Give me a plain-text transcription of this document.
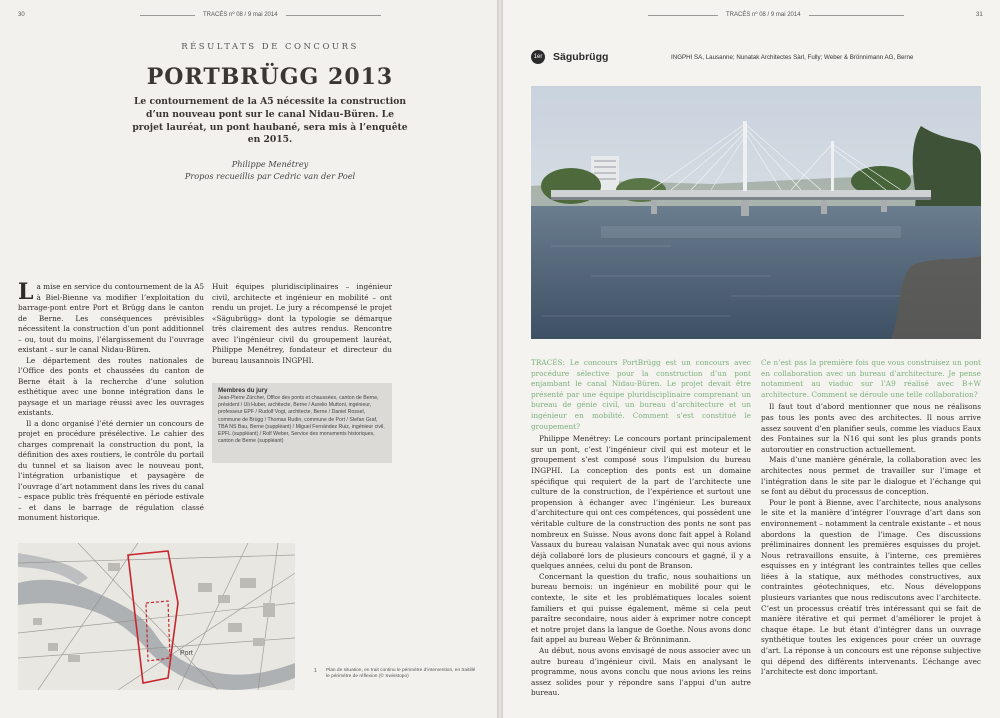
30	TRACÉS nº 08 / 9 mai 2014
RÉSULTATS DE CONCOURS
PORTBRÜGG 2013
Le contournement de la A5 nécessite la construction d’un nouveau pont sur le canal Nidau-Büren. Le projet lauréat, un pont haubané, sera mis à l’enquête en 2015.
Philippe Menétrey
Propos recueillis par Cedric van der Poel

La mise en service du contournement de la A5 à Biel-Bienne va modifier l’exploitation du barrage-pont entre Port et Brügg dans le canton de Berne. Les conséquences prévisibles nécessitent la construction d’un pont additionnel – ou, tout du moins, l’élargissement du l’ouvrage existant – sur le canal Nidau-Büren.

Le département des routes nationales de l’Office des ponts et chaussées du canton de Berne était à la recherche d’une solution esthétique avec une bonne intégration dans le paysage et un mariage réussi avec les ouvrages existants.

Il a donc organisé l’été dernier un concours de projet en procédure présélective. Le cahier des charges comprenait la construction du pont, la définition des axes routiers, le contrôle du portail du tunnel et sa liaison avec le nouveau pont, l’intégration urbanistique et paysagère de l’ouvrage d’art notamment dans les rives du canal – espace public très fréquenté en période estivale – et dans le barrage de régulation classé monument historique.

Huit équipes pluridisciplinaires – ingénieur civil, architecte et ingénieur en mobilité – ont rendu un projet. Le jury a récompensé le projet «Sägubrügg» dont la typologie se démarque très clairement des autres rendus. Rencontre avec l’ingénieur civil du groupement lauréat, Philippe Menétrey, fondateur et directeur du bureau lausannois INGPHI.

Membres du jury
Jean-Pierre Zürcher, Office des ponts et chaussées, canton de Berne, président / Uli Huber, architecte, Berne / Aurelio Muttoni, ingénieur, professeur EPF / Rudolf Vogt, architecte, Berne / Daniel Rossel, commune de Brügg / Thomas Rudin, commune de Port / Stefan Graf, TBA NS Bau, Berne (suppléant) / Miguel Fernández Ruiz, ingénieur civil, EPFL (suppléant) / Rolf Weber, Service des monuments historiques, canton de Berne (suppléant)
Port
1 Plan de situation, en trait continu le périmètre d’intervention, en traitillé le périmètre de réflexion (© Swisstopo)
TRACÉS nº 08 / 9 mai 2014	31
1er Sägubrügg	INGPHI SA, Lausanne; Nunatak Architectes Sàrl, Fully; Weber & Brönnimann AG, Berne

TRACÉS: Le concours PortBrügg est un concours avec procédure sélective pour la construction d’un pont enjambant le canal Nidau-Büren. Le projet devait être présenté par une équipe pluridisciplinaire comprenant un bureau de génie civil, un bureau d’architecture et un ingénieur en mobilité. Comment s’est constitué le groupement?

Philippe Menétrey: Le concours portant principalement sur un pont, c’est l’ingénieur civil qui est moteur et le groupement s’est composé sous l’impulsion du bureau INGPHI. La conception des ponts est un domaine spécifique qui requiert de la part de l’architecte une culture de la construction, de l’expérience et surtout une propension à échanger avec l’ingénieur. Les bureaux d’architecture qui ont ces compétences, qui possèdent une véritable culture de la construction des ponts ne sont pas nombreux en Suisse. Nous avons donc fait appel à Roland Vassaux du bureau valaisan Nunatak avec qui nous avions déjà collaboré lors de plusieurs concours et gagné, il y a quelques années, celui du pont de Branson.

Concernant la question du trafic, nous souhaitions un bureau bernois: un ingénieur en mobilité pour qui le contexte, le site et les problématiques locales soient familiers et qui puisse également, même si cela peut paraître secondaire, nous aider à exprimer notre concept et notre projet dans la langue de Goethe. Nous avons donc fait appel au bureau Weber & Brönnimann.

Au début, nous avons envisagé de nous associer avec un autre bureau d’ingénieur civil. Mais en analysant le programme, nous avons conclu que nous avions les reins assez solides pour y répondre sans l’appui d’un autre bureau.

Ce n’est pas la première fois que vous construisez un pont en collaboration avec un bureau d’architecture. Je pense notamment au viaduc sur l’A9 réalisé avec B+W architecture. Comment se déroule une telle collaboration?

Il faut tout d’abord mentionner que nous ne réalisons pas tous les ponts avec des architectes. Il nous arrive assez souvent d’en planifier seuls, comme les viaducs Eaux des Fontaines sur la N16 qui sont les plus grands ponts autoroutier en construction actuellement.

Mais d’une manière générale, la collaboration avec les architectes nous permet de travailler sur l’image et l’intégration dans le site par le dialogue et l’échange qui se font au début du processus de conception.

Pour le pont à Bienne, avec l’architecte, nous analysons le site et la manière d’intégrer l’ouvrage d’art dans son environnement – notamment la centrale existante – et nous abordons la question de l’image. Ces discussions préliminaires donnent les premières esquisses du projet. Nous retravaillons ensuite, à l’interne, ces premières esquisses en y intégrant les contraintes telles que celles liées à la statique, aux méthodes constructives, aux contraintes géotechniques, etc. Nous développons plusieurs variantes que nous rediscutons avec l’architecte. C’est un processus créatif très intéressant qui se fait de manière itérative et qui permet d’améliorer le projet à chaque étape. Le but étant d’intégrer dans un ouvrage synthétique toutes les exigences pour créer un ouvrage d’art. La réponse à un concours est une réponse subjective qui dépend des différents intervenants. L’échange avec l’architecte est donc important.
